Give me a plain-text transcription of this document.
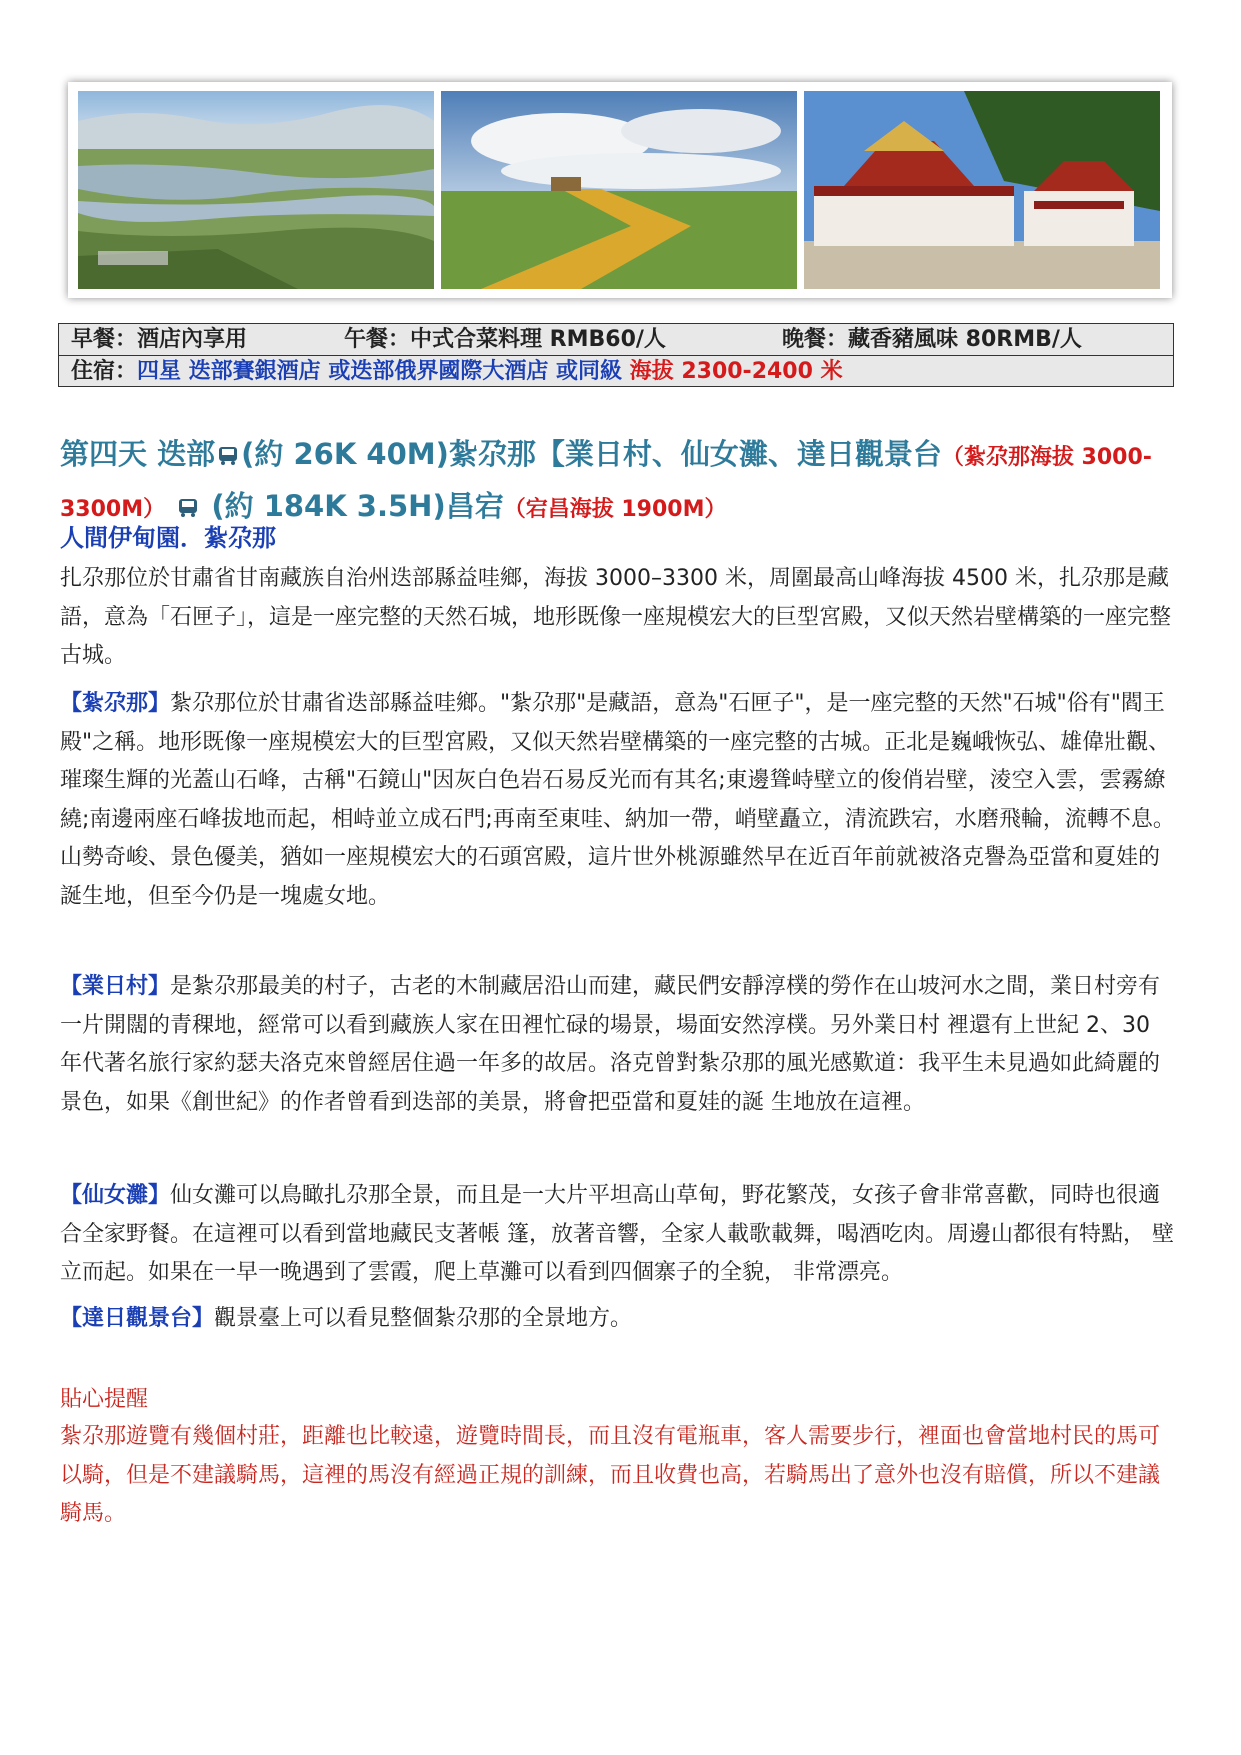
早餐：酒店內享用	午餐：中式合菜料理 RMB60/人	晚餐：藏香豬風味 80RMB/人
住宿：四星 迭部賽銀酒店 或迭部俄界國際大酒店 或同級 海拔 2300-2400 米
第四天 迭部 (約 26K 40M)紮尕那【業日村、仙女灘、達日觀景台（紮尕那海拔 3000-3300M） (約 184K 3.5H)昌宕（宕昌海拔 1900M）
人間伊甸園．紮尕那
扎尕那位於甘肅省甘南藏族自治州迭部縣益哇鄉，海拔 3000–3300 米，周圍最高山峰海拔 4500 米，扎尕那是藏語，意為「石匣子」，這是一座完整的天然石城，地形既像一座規模宏大的巨型宮殿，又似天然岩壁構築的一座完整古城。
【紮尕那】紮尕那位於甘肅省迭部縣益哇鄉。"紮尕那"是藏語，意為"石匣子"，是一座完整的天然"石城"俗有"閻王殿"之稱。地形既像一座規模宏大的巨型宮殿，又似天然岩壁構築的一座完整的古城。正北是巍峨恢弘、雄偉壯觀、璀璨生輝的光蓋山石峰，古稱"石鏡山"因灰白色岩石易反光而有其名;東邊聳峙壁立的俊俏岩壁，淩空入雲，雲霧繚繞;南邊兩座石峰拔地而起，相峙並立成石門;再南至東哇、納加一帶，峭壁矗立，清流跌宕，水磨飛輪，流轉不息。山勢奇峻、景色優美，猶如一座規模宏大的石頭宮殿，這片世外桃源雖然早在近百年前就被洛克譽為亞當和夏娃的誕生地，但至今仍是一塊處女地。
【業日村】是紮尕那最美的村子，古老的木制藏居沿山而建，藏民們安靜淳樸的勞作在山坡河水之間，業日村旁有一片開闊的青稞地，經常可以看到藏族人家在田裡忙碌的場景，場面安然淳樸。另外業日村 裡還有上世紀 2、30 年代著名旅行家約瑟夫洛克來曾經居住過一年多的故居。洛克曾對紮尕那的風光感歎道：我平生未見過如此綺麗的景色，如果《創世紀》的作者曾看到迭部的美景，將會把亞當和夏娃的誕 生地放在這裡。
【仙女灘】仙女灘可以鳥瞰扎尕那全景，而且是一大片平坦高山草甸，野花繁茂，女孩子會非常喜歡，同時也很適合全家野餐。在這裡可以看到當地藏民支著帳 篷，放著音響，全家人載歌載舞，喝酒吃肉。周邊山都很有特點， 壁立而起。如果在一早一晚遇到了雲霞，爬上草灘可以看到四個寨子的全貌， 非常漂亮。
【達日觀景台】觀景臺上可以看見整個紮尕那的全景地方。
貼心提醒
紮尕那遊覽有幾個村莊，距離也比較遠，遊覽時間長，而且沒有電瓶車，客人需要步行，裡面也會當地村民的馬可以騎，但是不建議騎馬，這裡的馬沒有經過正規的訓練，而且收費也高，若騎馬出了意外也沒有賠償，所以不建議騎馬。
